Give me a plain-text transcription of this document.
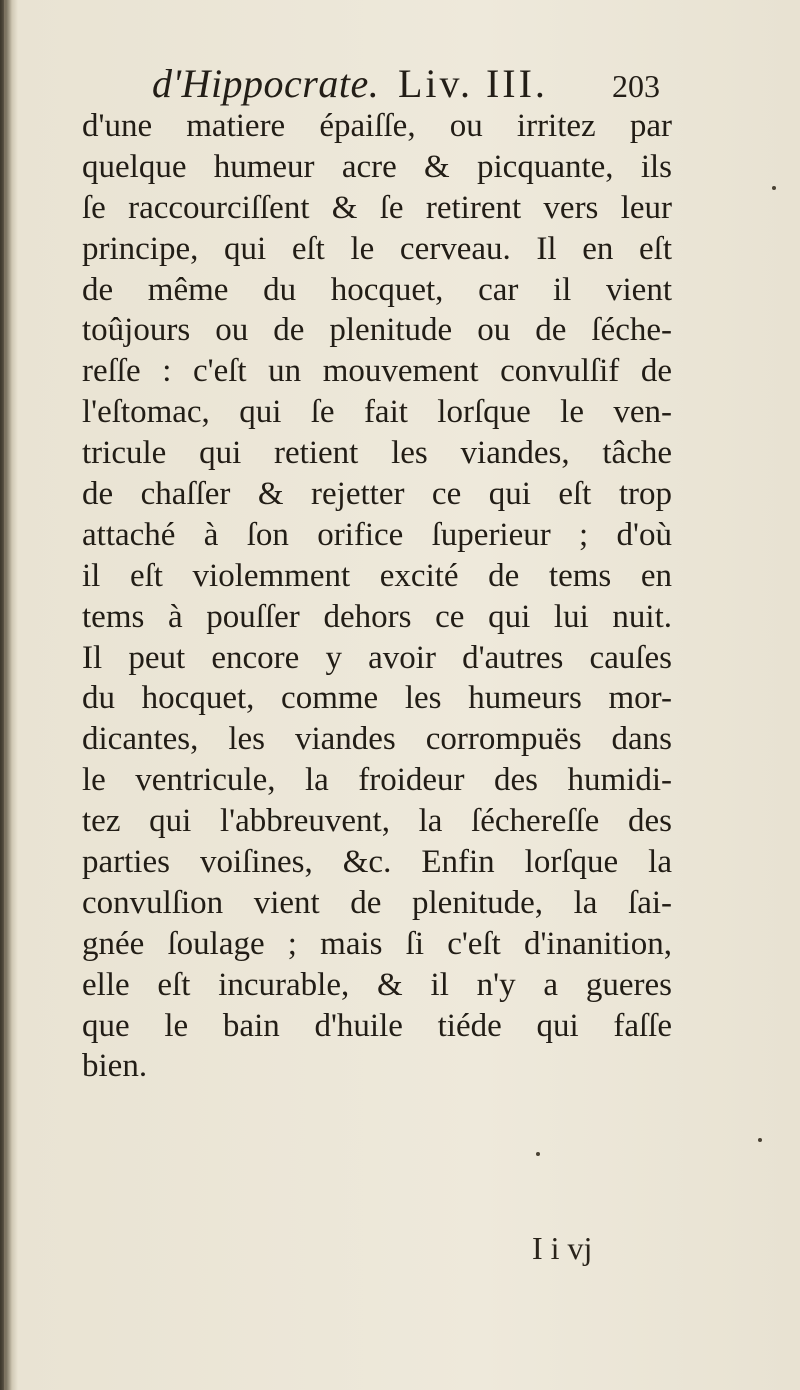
d'Hippocrate. Liv. III. 203
d'une matiere épaiſſe, ou irritez par
quelque humeur acre & picquante, ils
ſe raccourciſſent & ſe retirent vers leur
principe, qui eſt le cerveau. Il en eſt
de même du hocquet, car il vient
toûjours ou de plenitude ou de ſéche-
reſſe : c'eſt un mouvement convulſif de
l'eſtomac, qui ſe fait lorſque le ven-
tricule qui retient les viandes, tâche
de chaſſer & rejetter ce qui eſt trop
attaché à ſon orifice ſuperieur ; d'où
il eſt violemment excité de tems en
tems à pouſſer dehors ce qui lui nuit.
Il peut encore y avoir d'autres cauſes
du hocquet, comme les humeurs mor-
dicantes, les viandes corrompuës dans
le ventricule, la froideur des humidi-
tez qui l'abbreuvent, la ſéchereſſe des
parties voiſines, &c. Enfin lorſque la
convulſion vient de plenitude, la ſai-
gnée ſoulage ; mais ſi c'eſt d'inanition,
elle eſt incurable, & il n'y a gueres
que le bain d'huile tiéde qui faſſe
bien.
I i vj
